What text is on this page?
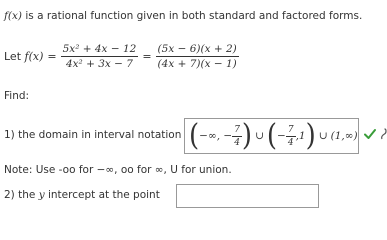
f(x) is a rational function given in both standard and factored forms.
Let
$f(x) = \frac{\text{5x² + 4x − 12}}{\text{4x² + 3x − 7}} = \frac{(5x - 6)(x + 2)}{(4x + 7)(x - 1)}$
Find:
1) the domain in interval notation ( −∞, − $\frac{7}{4}$ ) ∪ ( − $\frac{7}{4} ,1$ ) ∪ (1,∞)
Note: Use -oo for −∞, oo for ∞, U for union.
2) the y intercept at the point
